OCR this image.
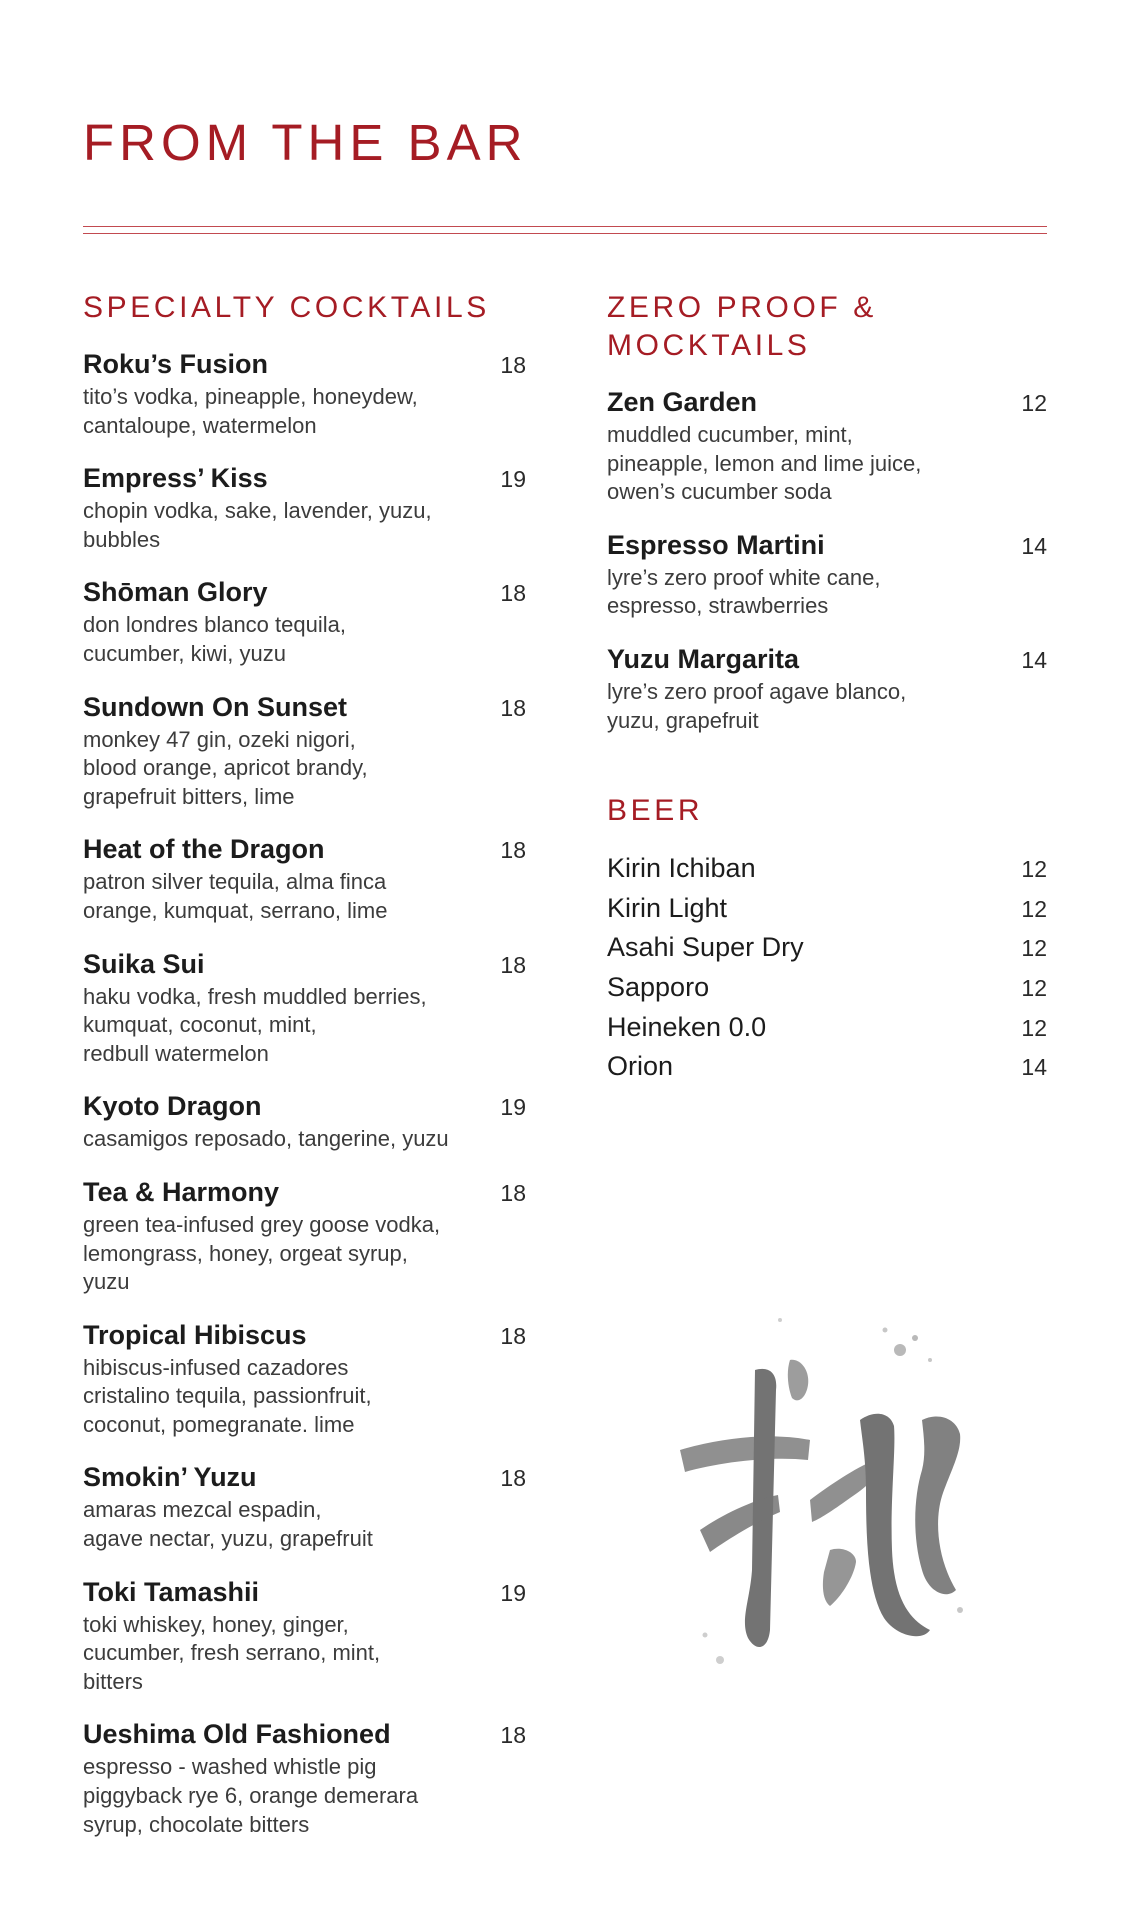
FROM THE BAR
SPECIALTY COCKTAILS
Roku’s Fusion	18
tito’s vodka, pineapple, honeydew,
cantaloupe, watermelon
Empress’ Kiss	19
chopin vodka, sake, lavender, yuzu,
bubbles
Shōman Glory	18
don londres blanco tequila,
cucumber, kiwi, yuzu
Sundown On Sunset	18
monkey 47 gin, ozeki nigori,
blood orange, apricot brandy,
grapefruit bitters, lime
Heat of the Dragon	18
patron silver tequila, alma finca
orange, kumquat, serrano, lime
Suika Sui	18
haku vodka, fresh muddled berries,
kumquat, coconut, mint,
redbull watermelon
Kyoto Dragon	19
casamigos reposado, tangerine, yuzu
Tea & Harmony	18
green tea-infused grey goose vodka,
lemongrass, honey, orgeat syrup,
yuzu
Tropical Hibiscus	18
hibiscus-infused cazadores
cristalino tequila, passionfruit,
coconut, pomegranate. lime
Smokin’ Yuzu	18
amaras mezcal espadin,
agave nectar, yuzu, grapefruit
Toki Tamashii	19
toki whiskey, honey, ginger,
cucumber, fresh serrano, mint,
bitters
Ueshima Old Fashioned	18
espresso - washed whistle pig
piggyback rye 6, orange demerara
syrup, chocolate bitters
ZERO PROOF &
MOCKTAILS
Zen Garden	12
muddled cucumber, mint,
pineapple, lemon and lime juice,
owen’s cucumber soda
Espresso Martini	14
lyre’s zero proof white cane,
espresso, strawberries
Yuzu Margarita	14
lyre’s zero proof agave blanco,
yuzu, grapefruit
BEER
Kirin Ichiban	12
Kirin Light	12
Asahi Super Dry	12
Sapporo	12
Heineken 0.0	12
Orion	14
